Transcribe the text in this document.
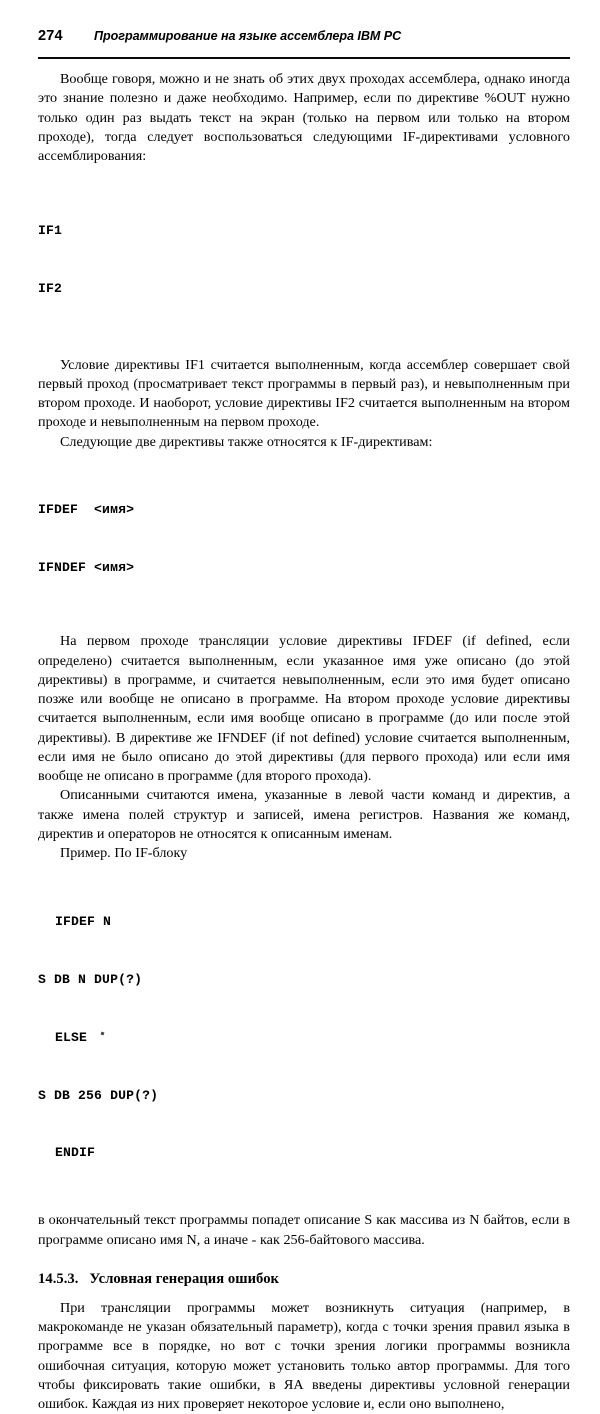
274	Программирование на языке ассемблера IBM PC

Вообще говоря, можно и не знать об этих двух проходах ассемблера, однако иногда это знание полезно и даже необходимо. Например, если по директиве %OUT нужно только один раз выдать текст на экран (только на первом или только на втором проходе), тогда следует воспользоваться следующими IF-директивами условного ассемблирования:

IF1

IF2

Условие директивы IF1 считается выполненным, когда ассемблер совершает свой первый проход (просматривает текст программы в первый раз), и невыполненным при втором проходе. И наоборот, условие директивы IF2 считается выполненным на втором проходе и невыполненным на первом проходе.

Следующие две директивы также относятся к IF-директивам:

IFDEF  <имя>

IFNDEF <имя>

На первом проходе трансляции условие директивы IFDEF (if defined, если определено) считается выполненным, если указанное имя уже описано (до этой директивы) в программе, и считается невыполненным, если это имя будет описано позже или вообще не описано в программе. На втором проходе условие директивы считается выполненным, если имя вообще описано в программе (до или после этой директивы). В директиве же IFNDEF (if not defined) условие считается выполненным, если имя не было описано до этой директивы (для первого прохода) или если имя вообще не описано в программе (для второго прохода).

Описанными считаются имена, указанные в левой части команд и директив, а также имена полей структур и записей, имена регистров. Названия же команд, директив и операторов не относятся к описанным именам.

Пример. По IF-блоку

IFDEF N

S DB N DUP(?)

ELSE

S DB 256 DUP(?)

ENDIF

в окончательный текст программы попадет описание S как массива из N байтов, если в программе описано имя N, а иначе - как 256-байтового массива.

14.5.3. Условная генерация ошибок

При трансляции программы может возникнуть ситуация (например, в макрокоманде не указан обязательный параметр), когда с точки зрения правил языка в программе все в порядке, но вот с точки зрения логики программы возникла ошибочная ситуация, которую может установить только автор программы. Для того чтобы фиксировать такие ошибки, в ЯА введены директивы условной генерации ошибок. Каждая из них проверяет некоторое условие и, если оно выполнено,
